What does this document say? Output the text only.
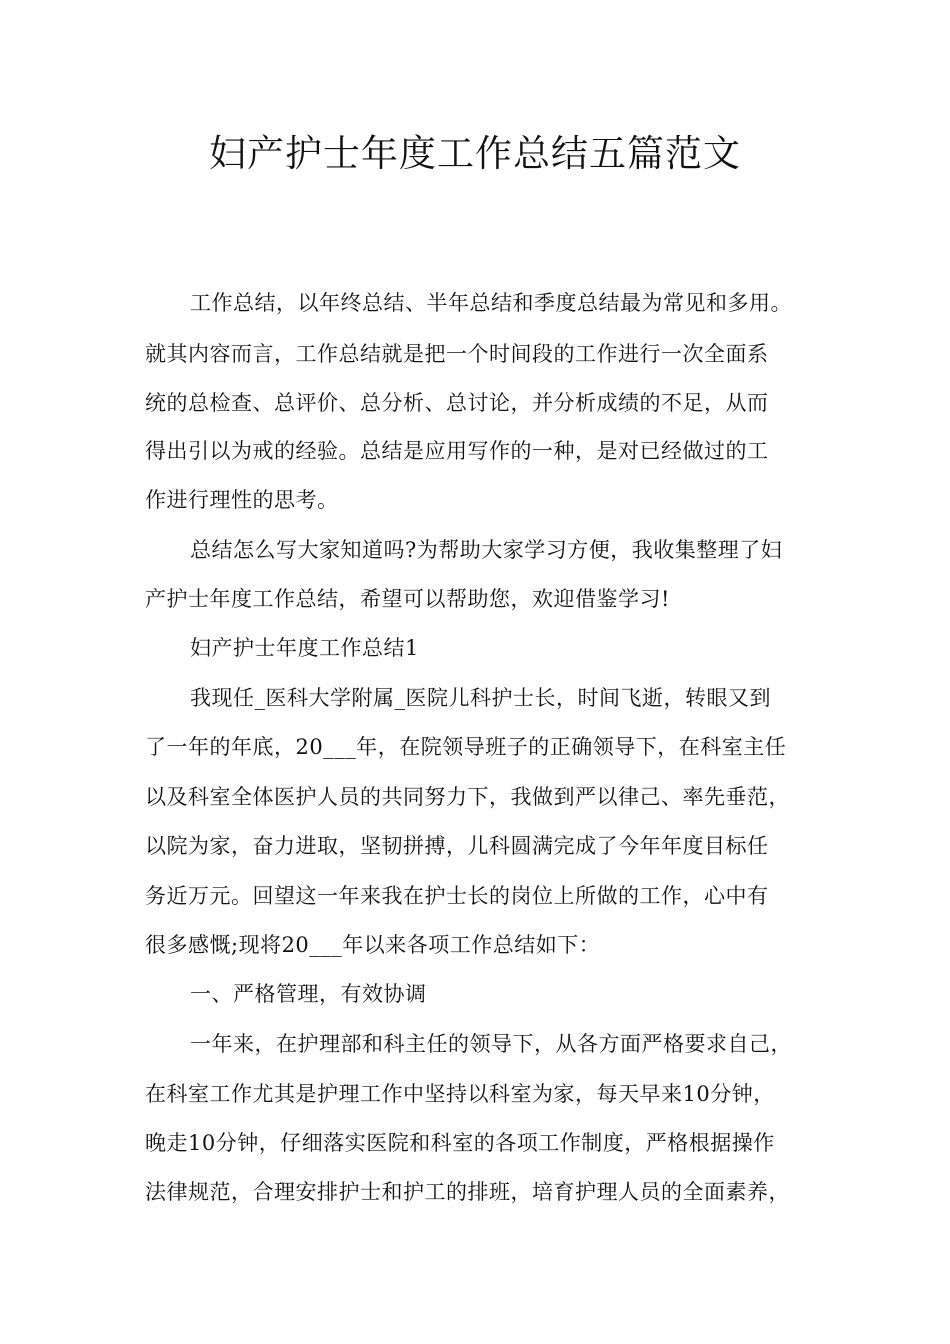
妇产护士年度工作总结五篇范文
工作总结，以年终总结、半年总结和季度总结最为常见和多用。
就其内容而言，工作总结就是把一个时间段的工作进行一次全面系
统的总检查、总评价、总分析、总讨论，并分析成绩的不足，从而
得出引以为戒的经验。总结是应用写作的一种，是对已经做过的工
作进行理性的思考。
总结怎么写大家知道吗?为帮助大家学习方便，我收集整理了妇
产护士年度工作总结，希望可以帮助您，欢迎借鉴学习!
妇产护士年度工作总结1
我现任_医科大学附属_医院儿科护士长，时间飞逝，转眼又到
了一年的年底，20___年，在院领导班子的正确领导下，在科室主任
以及科室全体医护人员的共同努力下，我做到严以律己、率先垂范，
以院为家，奋力进取，坚韧拼搏，儿科圆满完成了今年年度目标任
务近万元。回望这一年来我在护士长的岗位上所做的工作，心中有
很多感慨;现将20___年以来各项工作总结如下：
一、严格管理，有效协调
一年来，在护理部和科主任的领导下，从各方面严格要求自己，
在科室工作尤其是护理工作中坚持以科室为家，每天早来10分钟，
晚走10分钟，仔细落实医院和科室的各项工作制度，严格根据操作
法律规范，合理安排护士和护工的排班，培育护理人员的全面素养，
